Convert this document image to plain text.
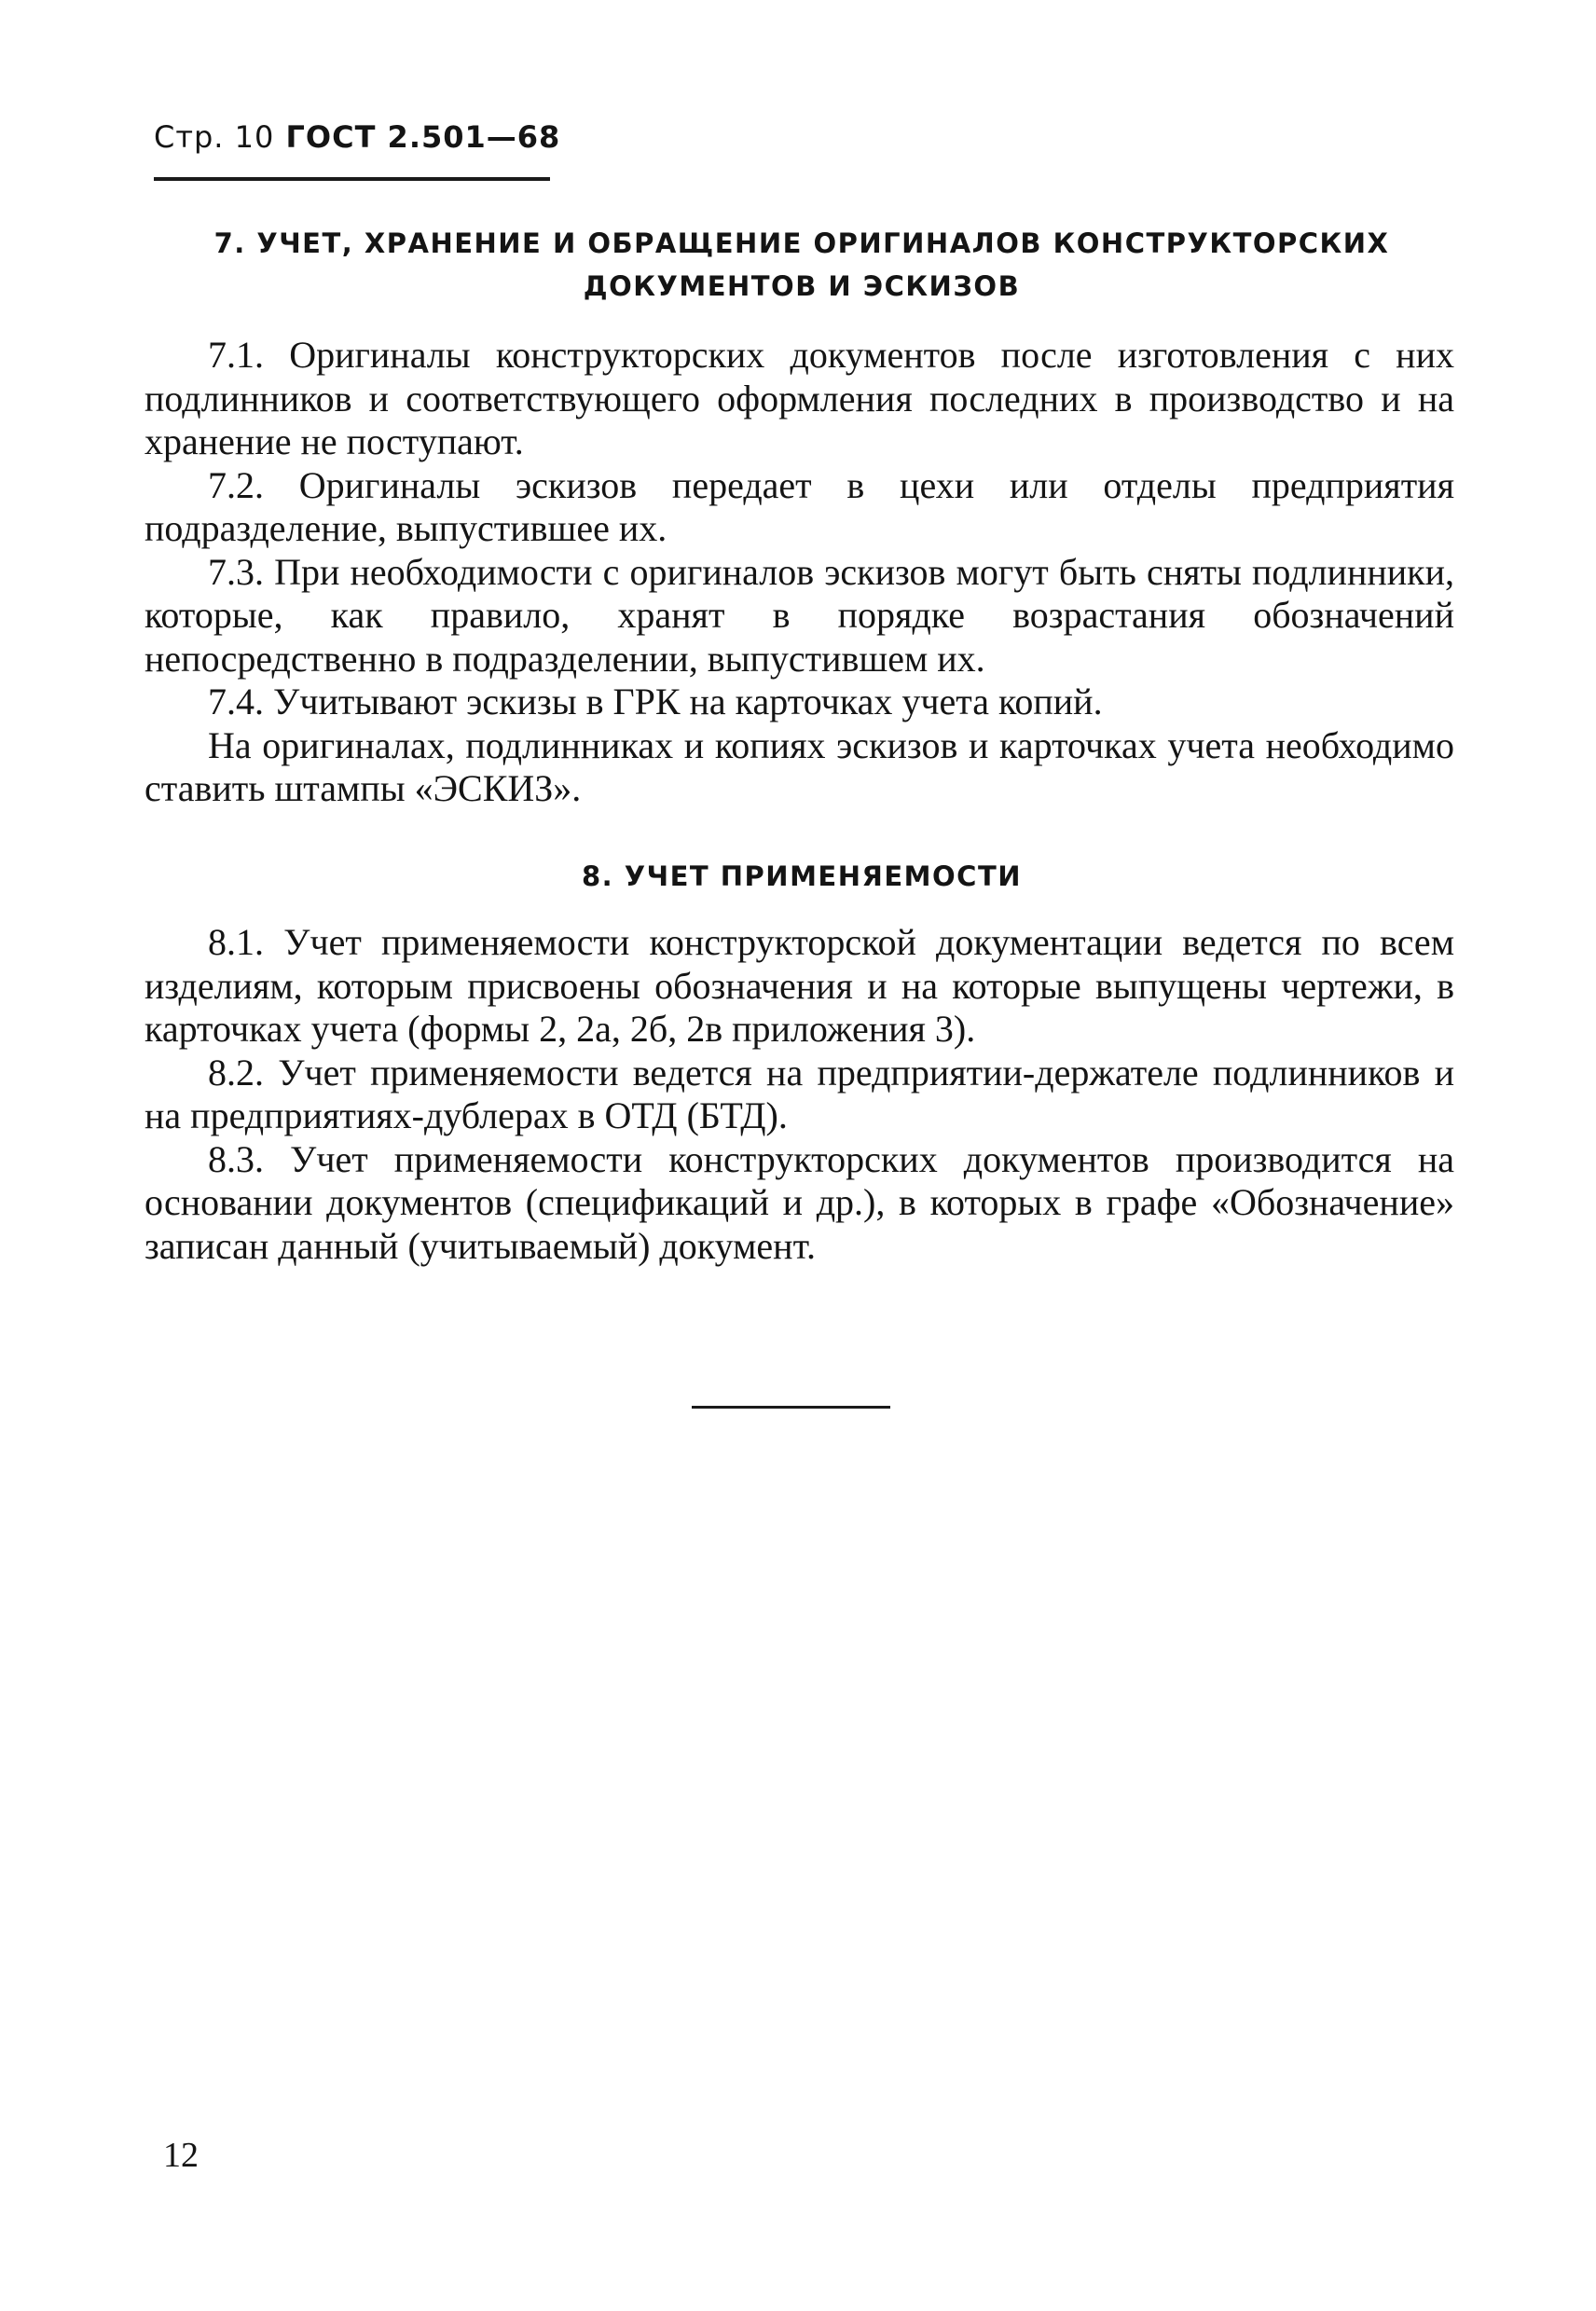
Стр. 10 ГОСТ 2.501—68
7. УЧЕТ, ХРАНЕНИЕ И ОБРАЩЕНИЕ ОРИГИНАЛОВ КОНСТРУКТОРСКИХ
ДОКУМЕНТОВ И ЭСКИЗОВ

7.1. Оригиналы конструкторских документов после изготовления с них подлинников и соответствующего оформления последних в производство и на хранение не поступают.

7.2. Оригиналы эскизов передает в цехи или отделы предприятия подразделение, выпустившее их.

7.3. При необходимости с оригиналов эскизов могут быть сняты подлинники, которые, как правило, хранят в порядке возрастания обозначений непосредственно в подразделении, выпустившем их.

7.4. Учитывают эскизы в ГРК на карточках учета копий.

На оригиналах, подлинниках и копиях эскизов и карточках учета необходимо ставить штампы «ЭСКИЗ».

8. УЧЕТ ПРИМЕНЯЕМОСТИ

8.1. Учет применяемости конструкторской документации ведется по всем изделиям, которым присвоены обозначения и на которые выпущены чертежи, в карточках учета (формы 2, 2а, 2б, 2в приложения 3).

8.2. Учет применяемости ведется на предприятии-держателе подлинников и на предприятиях-дублерах в ОТД (БТД).

8.3. Учет применяемости конструкторских документов производится на основании документов (спецификаций и др.), в которых в графе «Обозначение» записан данный (учитываемый) документ.

12
